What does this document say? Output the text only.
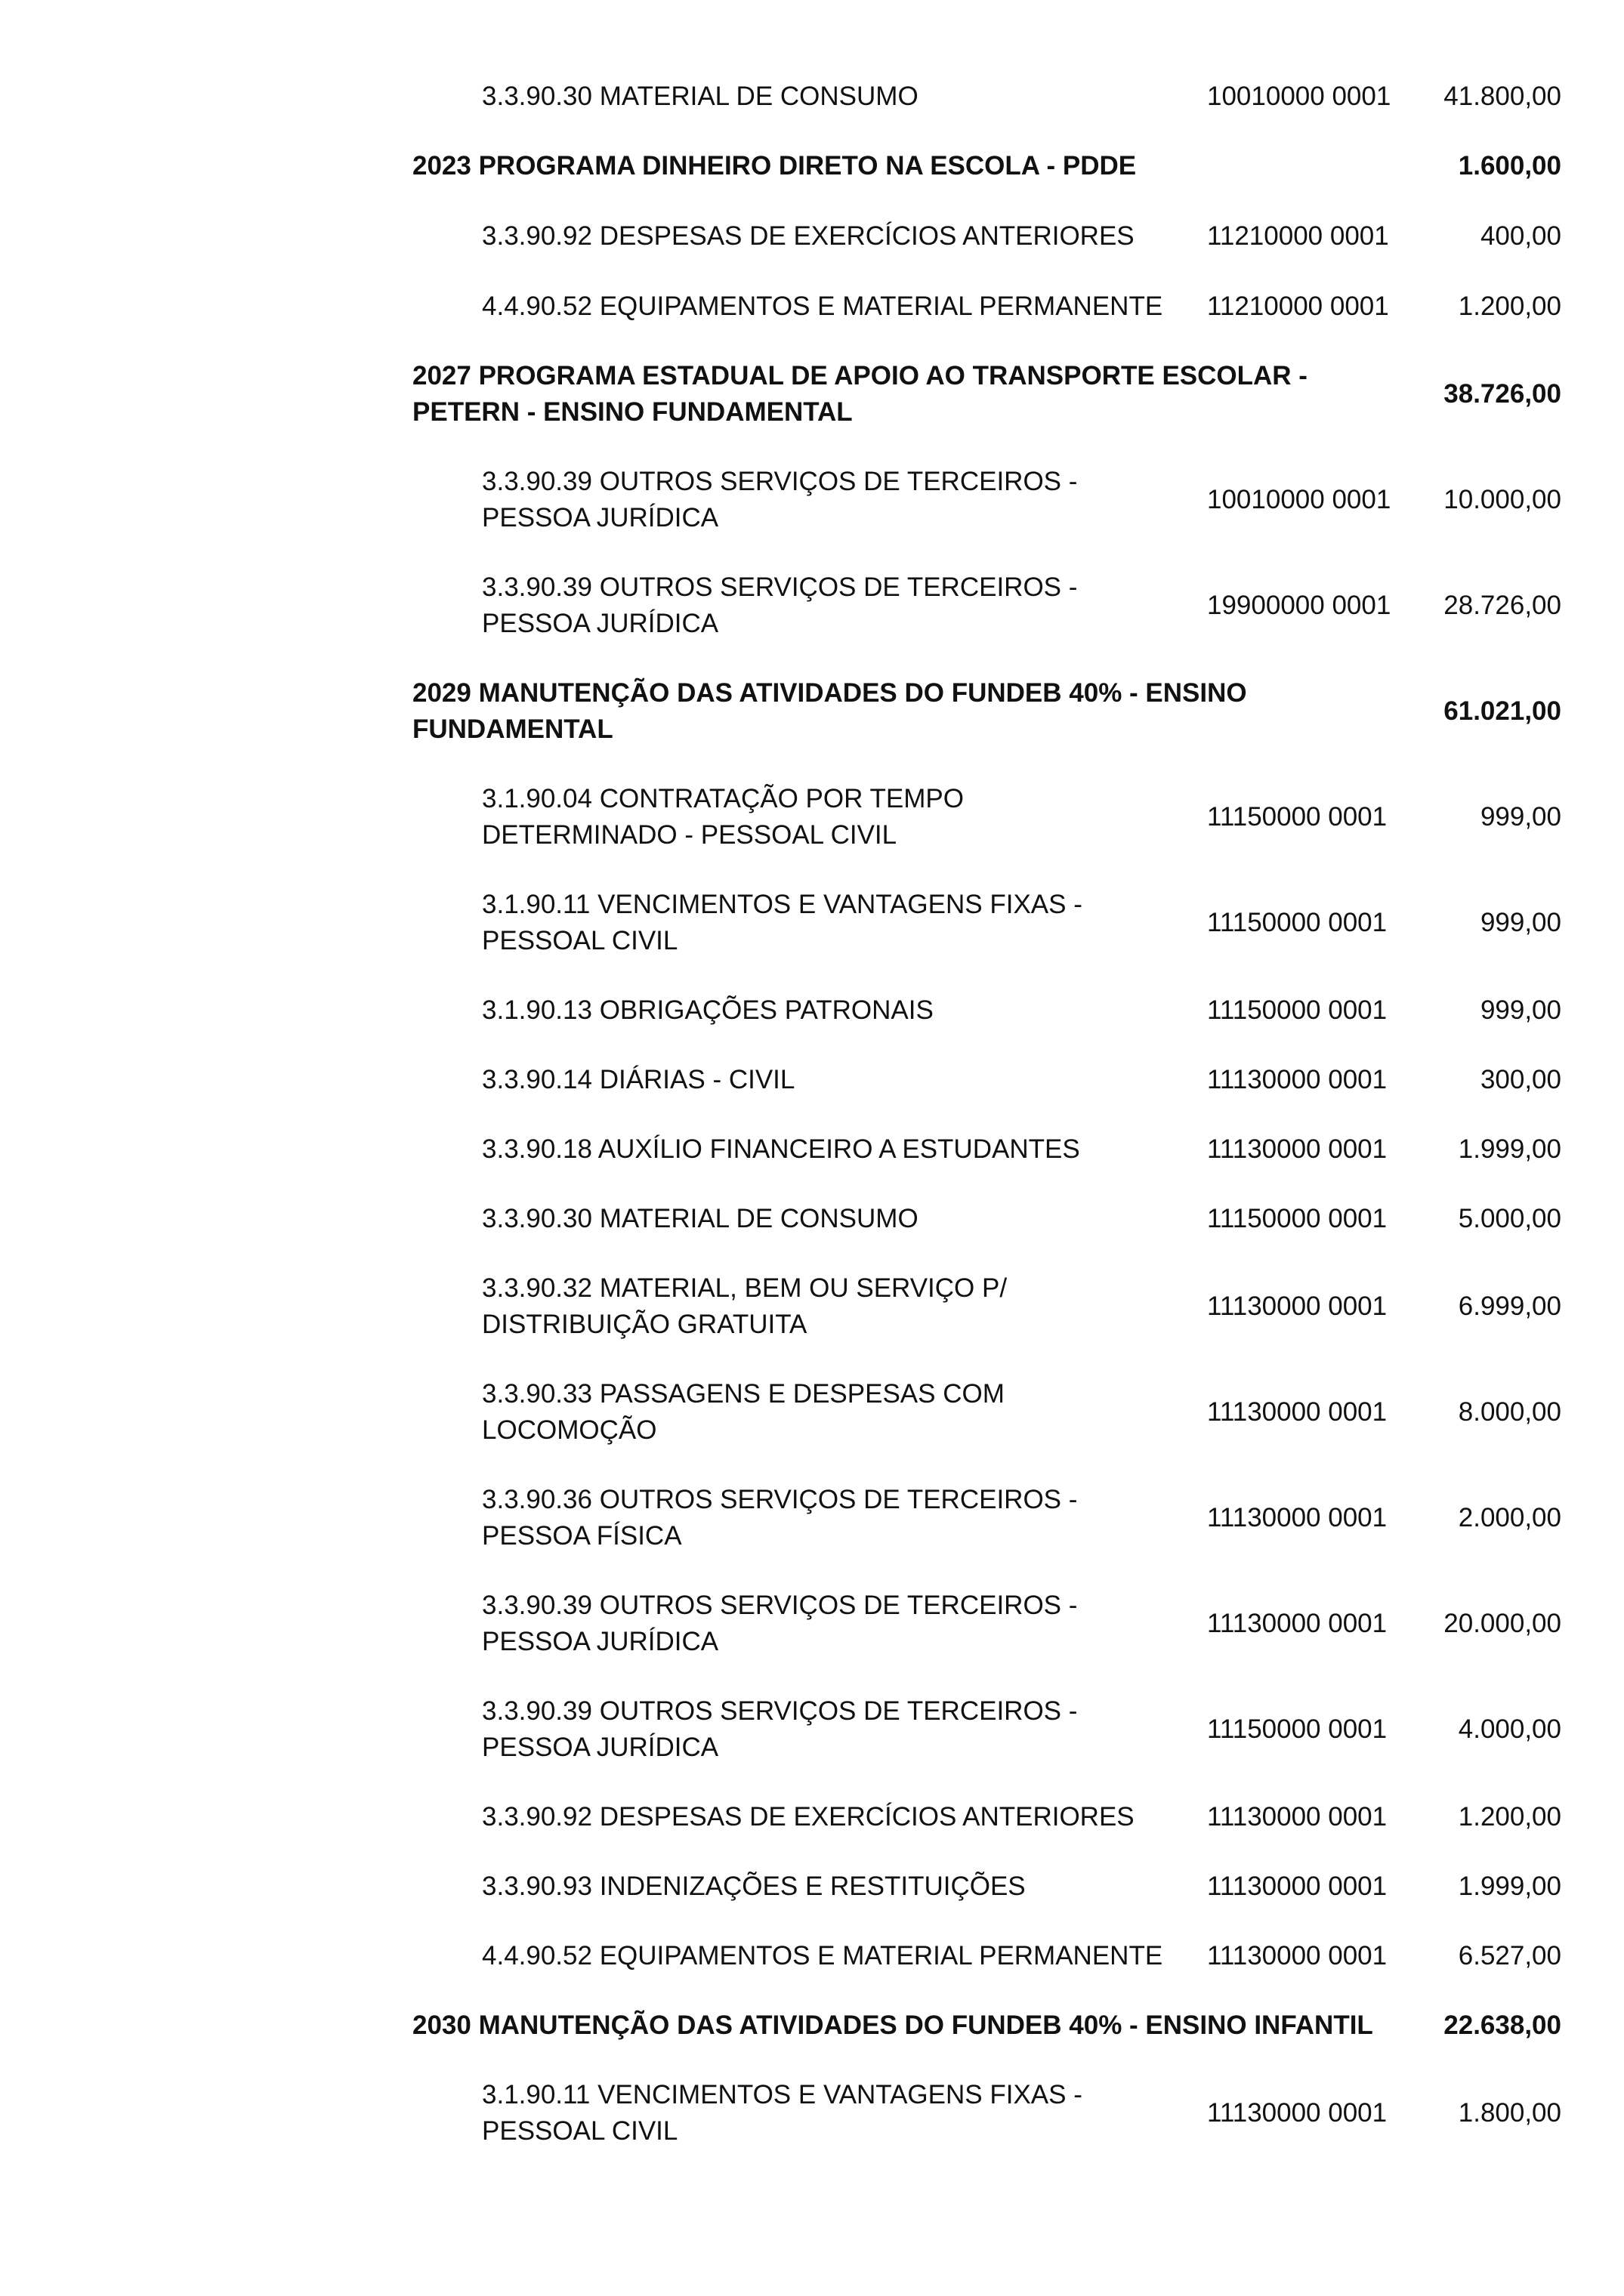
3.3.90.30 MATERIAL DE CONSUMO	10010000 0001	41.800,00
2023 PROGRAMA DINHEIRO DIRETO NA ESCOLA - PDDE	1.600,00
3.3.90.92 DESPESAS DE EXERCÍCIOS ANTERIORES	11210000 0001	400,00
4.4.90.52 EQUIPAMENTOS E MATERIAL PERMANENTE	11210000 0001	1.200,00
2027 PROGRAMA ESTADUAL DE APOIO AO TRANSPORTE ESCOLAR -
PETERN - ENSINO FUNDAMENTAL
38.726,00
3.3.90.39 OUTROS SERVIÇOS DE TERCEIROS -
PESSOA JURÍDICA
10010000 0001	10.000,00
3.3.90.39 OUTROS SERVIÇOS DE TERCEIROS -
PESSOA JURÍDICA
19900000 0001	28.726,00
2029 MANUTENÇÃO DAS ATIVIDADES DO FUNDEB 40% - ENSINO
FUNDAMENTAL
61.021,00
3.1.90.04 CONTRATAÇÃO POR TEMPO
DETERMINADO - PESSOAL CIVIL
11150000 0001	999,00
3.1.90.11 VENCIMENTOS E VANTAGENS FIXAS -
PESSOAL CIVIL
11150000 0001	999,00
3.1.90.13 OBRIGAÇÕES PATRONAIS	11150000 0001	999,00
3.3.90.14 DIÁRIAS - CIVIL	11130000 0001	300,00
3.3.90.18 AUXÍLIO FINANCEIRO A ESTUDANTES	11130000 0001	1.999,00
3.3.90.30 MATERIAL DE CONSUMO	11150000 0001	5.000,00
3.3.90.32 MATERIAL, BEM OU SERVIÇO P/
DISTRIBUIÇÃO GRATUITA
11130000 0001	6.999,00
3.3.90.33 PASSAGENS E DESPESAS COM
LOCOMOÇÃO
11130000 0001	8.000,00
3.3.90.36 OUTROS SERVIÇOS DE TERCEIROS -
PESSOA FÍSICA
11130000 0001	2.000,00
3.3.90.39 OUTROS SERVIÇOS DE TERCEIROS -
PESSOA JURÍDICA
11130000 0001	20.000,00
3.3.90.39 OUTROS SERVIÇOS DE TERCEIROS -
PESSOA JURÍDICA
11150000 0001	4.000,00
3.3.90.92 DESPESAS DE EXERCÍCIOS ANTERIORES	11130000 0001	1.200,00
3.3.90.93 INDENIZAÇÕES E RESTITUIÇÕES	11130000 0001	1.999,00
4.4.90.52 EQUIPAMENTOS E MATERIAL PERMANENTE	11130000 0001	6.527,00
2030 MANUTENÇÃO DAS ATIVIDADES DO FUNDEB 40% - ENSINO INFANTIL	22.638,00
3.1.90.11 VENCIMENTOS E VANTAGENS FIXAS -
PESSOAL CIVIL
11130000 0001	1.800,00
